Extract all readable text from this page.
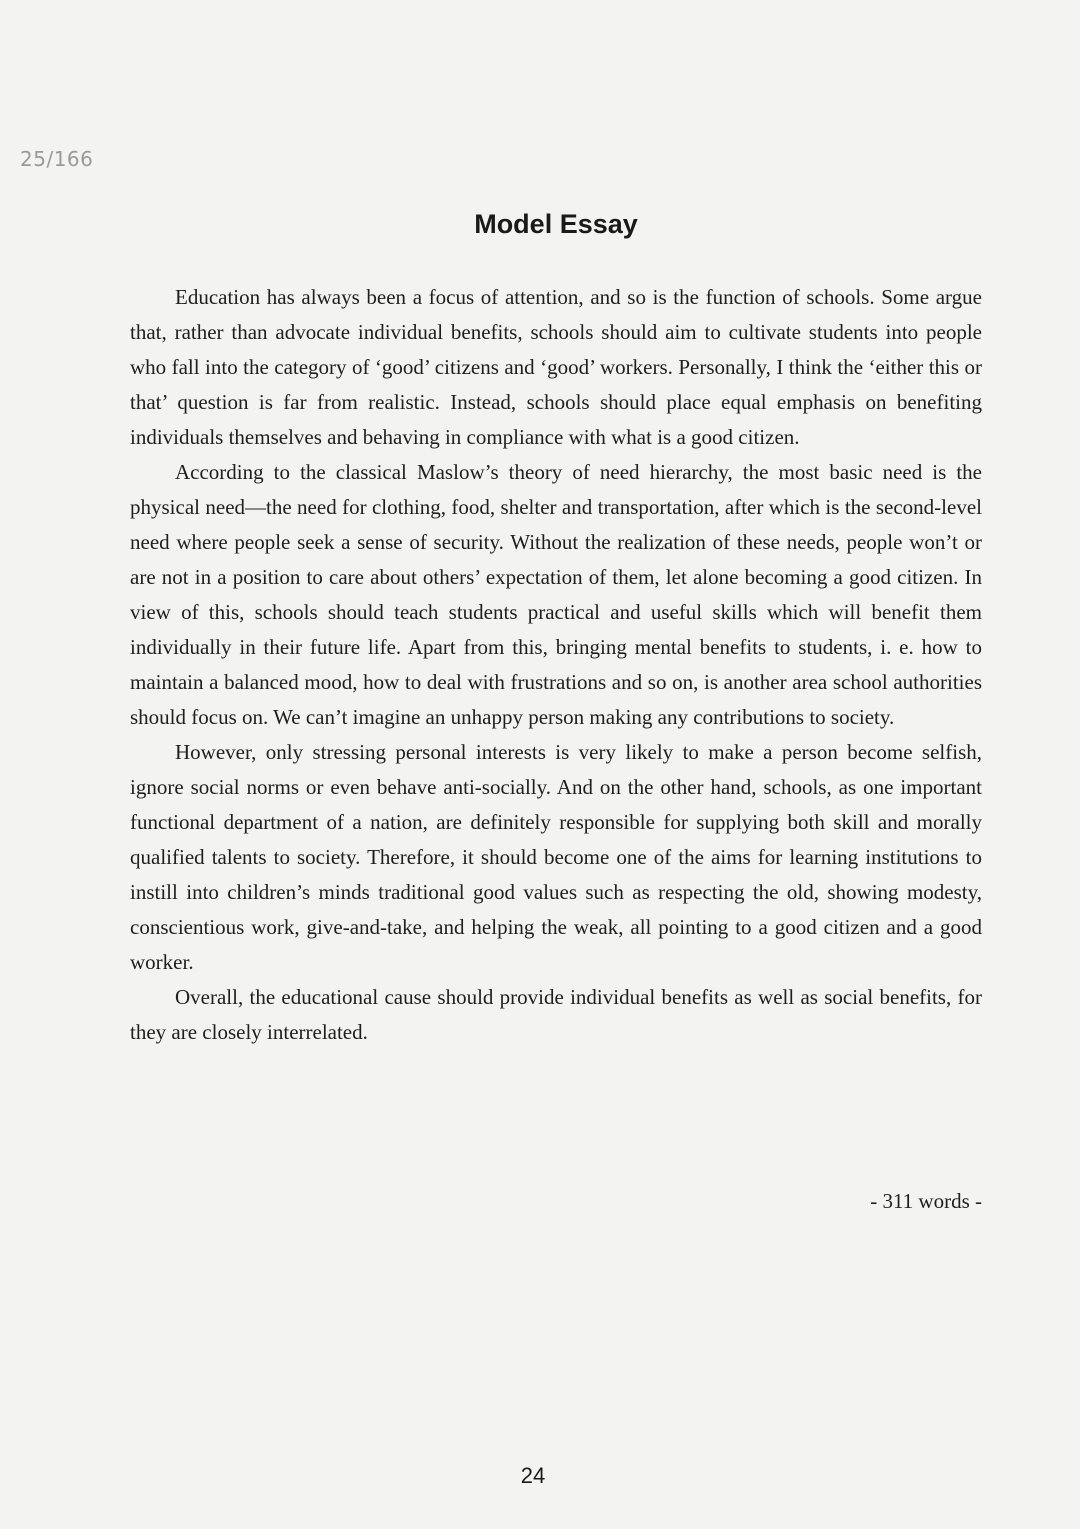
25/166
Model Essay

Education has always been a focus of attention, and so is the function of schools. Some argue that, rather than advocate individual benefits, schools should aim to cultivate students into people who fall into the category of ‘good’ citizens and ‘good’ workers. Personally, I think the ‘either this or that’ question is far from realistic. Instead, schools should place equal emphasis on benefiting individuals themselves and behaving in compliance with what is a good citizen.

According to the classical Maslow’s theory of need hierarchy, the most basic need is the physical need—the need for clothing, food, shelter and transportation, after which is the second-level need where people seek a sense of security. Without the realization of these needs, people won’t or are not in a position to care about others’ expectation of them, let alone becoming a good citizen. In view of this, schools should teach students practical and useful skills which will benefit them individually in their future life. Apart from this, bringing mental benefits to students, i. e. how to maintain a balanced mood, how to deal with frustrations and so on, is another area school authorities should focus on. We can’t imagine an unhappy person making any contributions to society.

However, only stressing personal interests is very likely to make a person become selfish, ignore social norms or even behave anti-socially. And on the other hand, schools, as one important functional department of a nation, are definitely responsible for supplying both skill and morally qualified talents to society. Therefore, it should become one of the aims for learning institutions to instill into children’s minds traditional good values such as respecting the old, showing modesty, conscientious work, give-and-take, and helping the weak, all pointing to a good citizen and a good worker.

Overall, the educational cause should provide individual benefits as well as social benefits, for they are closely interrelated.

- 311 words -
24
